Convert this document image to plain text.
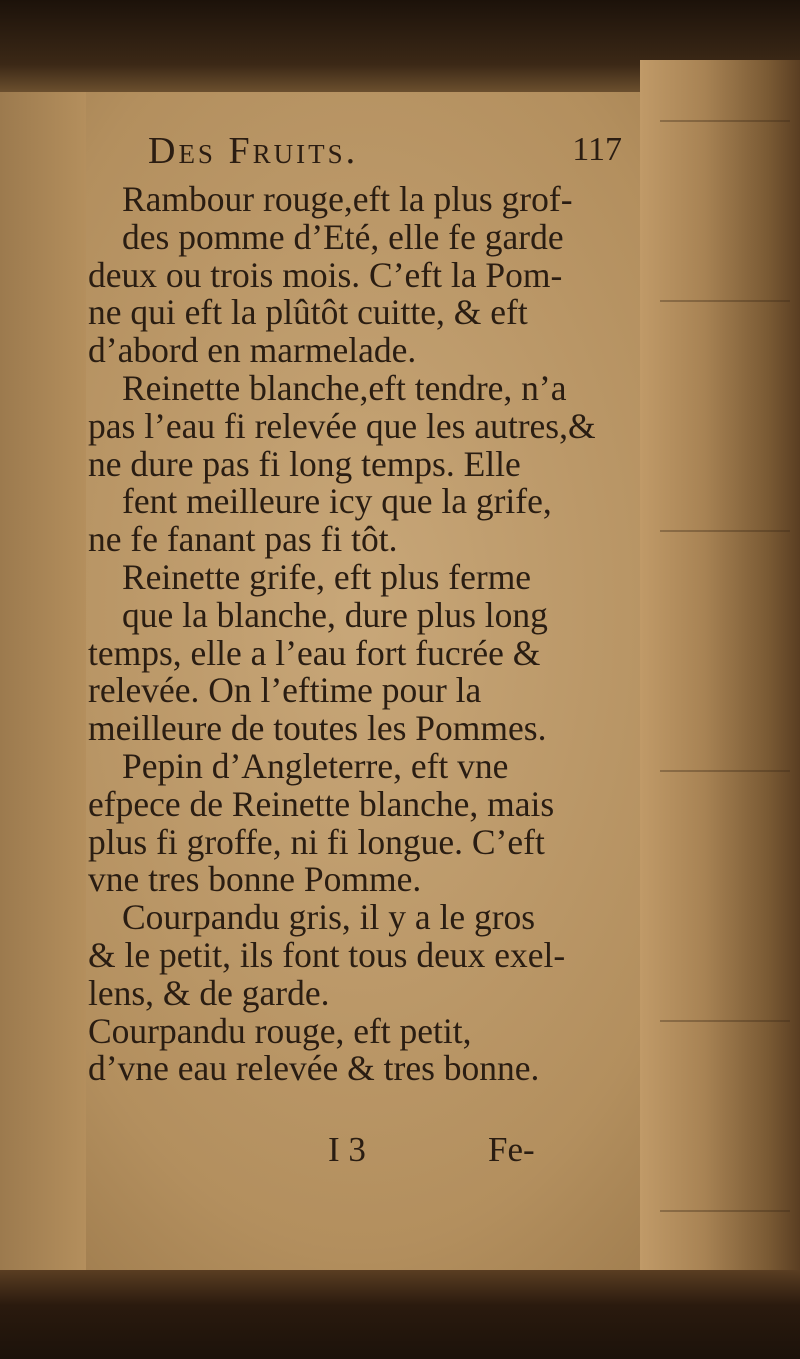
Des Fruits.	117
Rambour rouge,eft la plus grof-
des pomme d’Eté, elle fe garde
deux ou trois mois. C’eft la Pom-
ne qui eft la plûtôt cuitte, & eft
d’abord en marmelade.
Reinette blanche,eft tendre, n’a
pas l’eau fi relevée que les autres,&
ne dure pas fi long temps. Elle
fent meilleure icy que la grife,
ne fe fanant pas fi tôt.
Reinette grife, eft plus ferme
que la blanche, dure plus long
temps, elle a l’eau fort fucrée &
relevée. On l’eftime pour la
meilleure de toutes les Pommes.
Pepin d’Angleterre, eft vne
efpece de Reinette blanche, mais
plus fi groffe, ni fi longue. C’eft
vne tres bonne Pomme.
Courpandu gris, il y a le gros
& le petit, ils font tous deux exel-
lens, & de garde.
Courpandu rouge, eft petit,
d’vne eau relevée & tres bonne.
I 3	Fe-
